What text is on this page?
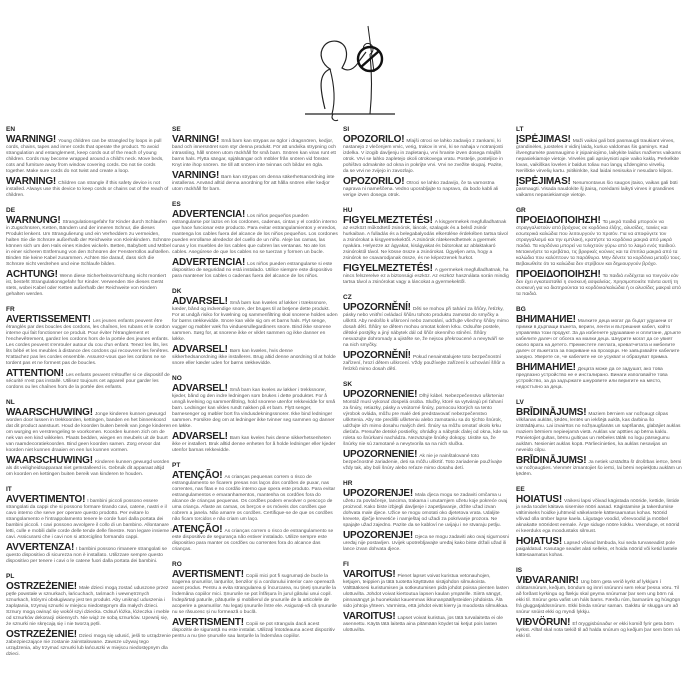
EN
WARNING! Young children can be strangled by loops in pull cords, chains, tapes and inner cords that operate the product. To avoid strangulation and entanglement, keep cords out of the reach of young children. Cords may become wrapped around a child's neck. Move beds, cots and furniture away from window covering cords. Do not tie cords together. Make sure cords do not twist and create a loop.
WARNING! Children can strangle if this safety device is not installed. Always use this device to keep cords or chains out of the reach of children.
DE
WARNUNG! Strangulationsgefahr für Kinder durch Schlaufen in Zugschnüren, Ketten, Bändern und der inneren Schnur, die dieses Produkt lenkent. Um Strangulierung und ein Verheddern zu vermeiden, halten Sie die Schnüre außerhalb der Reichweite von Kleinkindern. Schnüre können sich um den Hals eines Kindes wickeln. Betten, Babybett und Möbel in einer sicheren Entfernung von den Schnüren der Fensterrollos aufstellen. Binden Sie keine Kabel zusammen. Achten Sie darauf, dass sich die Schnüre nicht verdrehen und eine Schlaufe bilden.
ACHTUNG! Wenn diese Sicherheitsvorrichtung nicht montiert ist, besteht Strangulationsgefahr für Kinder. Verwenden Sie dieses Gerät stets, wobei Kabel oder Ketten außerhalb der Reichweite von Kindern gehalten werden.
FR
AVERTISSEMENT! Les jeunes enfants peuvent être étranglés par des boucles des cordons, les chaînes, les rubans et le cordon interne qui fait fonctionner ce produit. Pour éviter l'étranglement et l'enchevêtrement, gardez les cordons hors de la portée des jeunes enfants. Les cordes peuvent s'enrouler autour du cou d'un enfant. Tenez les lits, les lits bébé et les meubles à distance des cordons qui recouvrent les fenêtres. N'attachez pas les cordes ensemble. Assurez-vous que les cordons ne se tordent pas et ne forment pas de boucles.
ATTENTION! Les enfants peuvent s'étouffer si ce dispositif de sécurité n'est pas installé. Utilisez toujours cet appareil pour garder les cordons ou les chaînes hors de la portée des enfants.
NL
WAARSCHUWING! Jonge kinderen kunnen gewurgd worden door lussen in trekkoorden, kettingen, banden en het binnenkoord dat dit product aanstuurt. Houd de koorden buiten bereik van jonge kinderen om wurging en verstrengeling te voorkomen. Koorden kunnen zich om de nek van een kind wikkelen. Plaats bedden, wiegen en meubels uit de buurt van raamdecoratiekoorden. Bind geen koorden samen. Zorg ervoor dat koorden niet kunnen draaien en een lus kunnen vormen.
WAARSCHUWING! Kinderen kunnen gewurgd worden als dit veiligheidsapparaat niet geïnstalleerd is. Gebruik dit apparaat altijd om koorden en kettingen buiten bereik van kinderen te houden.
IT
AVVERTIMENTO! I bambini piccoli possono essere strangolati da cappi che si possono formare tirando cavi, catene, nastri e il cavo interno che serve per operare questo prodotto. Per evitare lo strangolamento e l'intrappolamento tenere le corde fuori dalla portata dei bambini piccoli. I cavi possono avvolgere il collo di un bambino. Allontanare letti, culle e mobili dalle corde delle tende delle finestre. Non legare insieme i cavi. Assicurarsi che i cavi non si attorciglino formando cappi.
AVVERTENZA! I bambini possono rimanere strangolati se questo dispositivo di sicurezza non è installato. Utilizzare sempre questo dispositivo per tenere i cavi o le catene fuori dalla portata dei bambini.
PL
OSTRZEŻENIE! Małe dzieci mogą zostać uduszone przez pętle powstałe w sznurkach, łańcuchach, taśmach i wewnętrznych sznurkach, którymi obsługiwany jest ten produkt. Aby uniknąć uduszenia i zaplątania, trzymaj sznurki w miejscu niedostępnym dla małych dzieci. Sznury mogą owinąć się wokół szyi dziecka. Odsuń łóżka, łóżeczka i meble od sznurków dekoracji okiennych. Nie wiąż ze sobą sznurków. Upewnij się, że sznurki nie skręcają się i nie tworzą pętli.
OSTRZEŻENIE! Dzieci mogą się udusić, jeśli to urządzenie zabezpieczające nie zostanie zainstalowane. Zawsze używaj tego urządzenia, aby trzymać sznurki lub łańcuszki w miejscu niedostępnym dla dzieci.
SE
VARNING! Små barn kan strypas av öglor i dragsnören, kedjor, band och innersnöret som styr denna produkt. För att undvika strypning och intrassling, håll snören utom räckhåll för små barn. Snören kan viras runt ett barns hals. Flytta sängar, spjälsängar och möbler från snören vid fönster. Knyt inte ihop snören. Se till att snören inte tvinnas och bildar en ögla.
VARNING! Barn kan strypas om denna säkerhetsanordning inte installeras. Använd alltid denna anordning för att hålla snören eller kedjor utom räckhåll för barn.
ES
ADVERTENCIA! Los niños pequeños pueden estrangularse por lazos en los cordones, cadenas, cintas y el cordón interno que hace funcionar este producto. Para evitar estrangulamientos y enredos, mantenga los cables fuera del alcance de los niños pequeños. Los cordones pueden enrollarse alrededor del cuello de un niño. Aleje las camas, las cunas y los muebles de los cables que cubren las ventanas. No ate los cables. Asegúrese de que los cables no se tuerzan y formen un bucle.
ADVERTENCIA! Los niños pueden estrangularse si este dispositivo de seguridad no está instalado. Utilice siempre este dispositivo para mantener los cables o cadenas fuera del alcance de los niños.
DK
ADVARSEL! Små børn kan kvæles af løkker i trækssnore, kæder, bånd og indvendige snore, der bruges til at betjene dette produkt. For at undgå risiko for kvælning og sammenfiltring skal snorene holdes uden for børns rækkevidde. Snore kan vikle sig om et barns hals. Flyt senge, vugger og møbler væk fra vinduesrullegardiners snore. Bind ikke snorene sammen. Sørg for, at snorene ikke er viklet sammen og ikke danner en løkke.
ADVARSEL! Børn kan kvæles, hvis denne sikkerhedsanordning ikke installeres. Brug altid denne anordning til at holde snore eller kæder uden for børns rækkevidde.
NO
ADVARSEL! Små barn kan kveles av løkker i trekksnorer, kjeder, bånd og den indre ledningen som brukes i dette produktet. For å unngå kvelning og sammenfiltring, hold snorene utenfor rekkevidde for små barn. Ledninger kan vikles rundt nakken på et barn. Flytt senger, barnesenger og møbler bort fra vindusdekningssnorer. Ikke bind ledninger sammen. Forsikre deg om at ledninger ikke tvinner seg sammen og danner en løkke.
ADVARSEL! Barn kan kveles hvis denne sikkerhetsenheten ikke er installert. Bruk alltid denne enheten for å holde ledninger eller kjeder utenfor barnas rekkevidde.
PT
ATENÇÃO! As crianças pequenas correm o risco de estrangulamento se ficarem presas nos laços dos cordões de puxar, nas correntes, nas fitas e no cordão interno que opera este produto. Para evitar estrangulamentos e emaranhamentos, mantenha os cordões fora do alcance de crianças pequenas. Os cordões podem envolver o pescoço de uma criança. Afaste as camas, os berços e os móveis dos cordões que cobrem a janela. Não amarre os cordões. Certifique-se de que os cordões não ficam torcidos e não criam um laço.
ATENÇÃO! As crianças correm o risco de estrangulamento se este dispositivo de segurança não estiver instalado. Utilize sempre este dispositivo para manter os cordões ou correntes fora do alcance das crianças.
RO
AVERTISMENT! Copiii mici pot fi sugrumați de bucle la tragerea șnururilor, lanțurilor, benzilor și a cordonului interior care operează acest produs. Pentru a evita strangularea și încurcarea, nu țineți șnururile la îndemâna copiilor mici. Șnururile se pot înfășura în jurul gâtului unui copil. Îndepărtați paturile, pătuțurile și mobilierul de șnururile de la articolele de acoperire a geamurilor. Nu legați șnururile între ele. Asigurați-vă că șnururile nu se răsucesc și nu formează o buclă.
AVERTISMENT! Copiii se pot strangula dacă acest dispozitiv de siguranță nu este instalat. Utilizați întotdeauna acest dispozitiv pentru a nu ține șnururile sau lanțurile la îndemâna copiilor.
SI
OPOZORILO! Mlajši otroci se lahko zadavijo z zankami, ki nastanejo z vlečenjem vrvic, verig, trakov in vrvi, ki se nahaja v notranjosti izdelka. V izogib davljenju in zapletanju, vrvi hranite izven dosega mlajših otrok. Vrvi se lahko zapletejo okoli otrokovega vratu. Postelje, posteljice in pohištvo odmaknite od okna in pokrijte vrvi. Vrvi ne zvežite skupaj. Pazite, da se vrvi ne zvijejo in zavozlajo.
OPOZORILO! Otroci se lahko zadavijo, če ta varnostna naprava ni nameščena. Vedno uporabljajte to napravo, da bodo kabli ali verige izven dosega otrok.
HU
FIGYELMEZTETÉS! A kisgyermekek megfulladhatnak az eszközt működtető zsinórok, láncok, szalagok és a belső zsinór hurkaiban. A fulladás és a belegabalyodás elkerülése érdekében tartsa távol a zsinórokat a kisgyermekektől. A zsinórok rátekeredhetnek a gyermek nyakára. Helyezze az ágyakat, kiságyakat és bútorokat az ablaktakaró zsinóroktól távol. Ne kösse össze a zsinórokat. Ügyeljen arra, hogy a zsinórok ne csavarodjanak össze, és ne képezzenek hurkot.
FIGYELMEZTETÉS! A gyermekek megfulladhatnak, ha nincs felszerelve ez a biztonsági eszköz. Az eszköz használata során mindig tartsa távol a zsinórokat vagy a láncokat a gyermekektől.
CZ
UPOZORNĚNÍ! Děti se mohou při tahání za šňůry, řetízky, pásky nebo vnitřní ovládací šňůru tohoto produktu zamotat do smyčky a uškrtit. Aby nedošlo k uškrcení nebo zamotání, udržujte všechny šňůry mimo dosah dětí. Šňůry se dětem mohou omotat kolem krku. Odsuňte postele, dětské postýlky a jiný nábytek dál od šňůr okenního stínění. Šňůry nesvazujte dohromady a ujistěte se, že nejsou překroucené a nevytváří se na nich smyčky.
UPOZORNĚNÍ! Pokud nenainstalujete toto bezpečnostní zařízení, hrozí dětem uškrcení. Vždy používejte zařízení k uchování šňůr a řetízků mimo dosah dětí.
SK
UPOZORNENIE! Dlhý kábel. Nebezpečenstvo uškrtenia! Montáž musí vykonať dospelá osoba. Slučky, ktoré sa vytvárajú pri ťahaní za šnúry, retiazky, pásky a vnútorné šnúry, pomocou ktorých sa tento výrobok ovláda, môžu pre malé deti predstavovať nebezpečenstvo uškrtenia. Aby ste predišli uškrteniu alebo zamotaniu sa do týchto šnúrok, udržujte ich mimo dosahu malých detí. Šnúry sa môžu omotať okolo krku dieťaťa. Presuňte detské postieľky, ohrádky a nábytok ďalej od okna, kde sa roleta so šnúrkami nachádza. Nezväzujte šnúrky dokopy. Uistite sa, že šnúrky nie sú zamotané a nevytvorila sa na nich slučka.
UPOZORNENIE! Ak nie je nainštalované toto bezpečnostné zariadenie, deti sa môžu uškrtiť. Toto zariadenie používajte vždy tak, aby boli šnúry alebo reťaze mimo dosahu detí.
HR
UPOZORENJE! Mala djeca mogu se zadaviti omčama u užetu za povlačenje, lancima, trakama i unutarnjem užetu koje pokreće ovaj proizvod. Kako biste izbjegli davljenje i zapetljavanje, držite užad izvan dohvata male djece. Užice se mogu omotati oko djetetova vrata. Udaljite krevete, dječje krevetiće i namještaj od užadi za pokrivanje prozora. Ne spajajte užad zajedno. Pazite da se kabloví ne uvijaju i ne stvaraju petlju.
UPOZORENJE! Djeca se mogu zadaviti ako ovaj sigurnosni uređaj nije postavljen. Uvijek upotrebljavajte uređaj kako biste držali užad ili lance izvan dohvata djece.
FI
VAROITUS! Pienet lapset voivat kuristua vetonauhojen, ketjujen, teippien ja tätä tuotetta käyttävän sisäjohdon silmukoista. Välttääksesi kuristumisen ja sotkeutumisen pidä johdot poissa pienten lasten ulottuvilta. Johdot voivat kiertoutua lapsen kaulan ympärille. Siirrä sängyt, pinnasängyt ja huonekalut kauemmas ikkunanpäällysteiden johdoista. Älä sido johtoja yhteen. Varmista, että johdot eivät kierry ja muodosta silmukkaa.
VAROITUS! Lapset voivat kuristua, jos tätä turvalaitetta ei ole asennettu. Käytä tätä laitetta aina pitämään köydet tai ketjut pois lasten ulottuvilta.
LT
ĮSPĖJIMAS! Maži vaikai gali būti pasmaugti traukiant virves, grandinėles, juosteles ir vidinį laidą, kuriuo valdomas šis gaminys. Kad išvengtumėte pasmaugimo ir įsipainiojimo, laikykite laidus mažiems vaikams nepasiekiamoje vietoje. Virvelės gali apsivynioti apie vaiko kaklą. Perkelkite lovas, vaikiškas loveles ir baldus toliau nuo langų uždengimo virvelių. Nerišktie virvelių kartu. Įsitikinkite, kad laidai nesisuka ir nesudaro kilpos.
ĮSPĖJIMAS! Nesumontavus šio saugos įtaiso, vaikas gali būti pasmaugti. Visada naudokite šį įtaisą, norėdami laikyti virves ir grandines vaikams nepasiekiamoje vietoje.
GR
ΠΡΟΕΙΔΟΠΟΙΗΣΗ! Τα μικρά παιδιά μπορούν να στραγγαλιστούν από βρόχους σε κορδόνια έλξης, αλυσίδες, ταινίες και εσωτερικά καλώδια που λειτουργούν το προϊόν. Για να αποφύγετε τον στραγγαλισμό και την εμπλοκή, κρατήστε τα κορδόνια μακριά από μικρά παιδιά. Τα κορδόνια μπορεί να τυλιχτούν γύρω από το λαιμό ενός παιδιού. Μετακινήστε τα κρεβάτια, τις βρεφικές κούνιες και τα έπιπλα μακριά από τα καλώδια που καλύπτουν τα παράθυρα. Μην δένετε τα κορδόνια μεταξύ τους. Βεβαιωθείτε ότι τα καλώδια δεν στρίβουν και δημιουργούν βρόχο.
ΠΡΟΕΙΔΟΠΟΙΗΣΗ! Τα παιδιά ενδέχεται να πνιγούν εάν δεν έχει εγκατασταθεί η συσκευή ασφαλείας. Χρησιμοποιείτε πάντα αυτή τη συσκευή για να διατηρούνται τα κορδόνια/καλώδια ή οι αλυσίδες μακριά από τα παιδιά.
BG
ВНИМАНИЕ! Малките деца могат да бъдат удушени от примки в дърпащи въжета, вериги, ленти и вътрешния кабел, който управлява този продукт. За да избегнете удушаване и оплитане, дръжте кабелите далеч от обсега на малки деца. Шнурите могат да се увият около врата на детето. Преместете леглата, креватчетата и мебелите далеч от въжетата за покриване на прозорци. Не завързвайте кабелите заедно. Уверете се, че кабелите не се усукват и образуват примка.
ВНИМАНИЕ! Децата може да се задушат, ако това предпазно устройство не е инсталирано. Винаги използвайте това устройство, за да задържате шнуровете или веригите на място, недостъпно за деца.
LV
BRĪDINĀJUMS! Maziem bērniem var nožņaugt cilpas vilkšanas auklās, ķēdēs, lentēs un iekšējā auklā, kas darbina šo izstrādājumu. Lai izvairītos no nožņaugšanās un sapīšanās, glabājiet auklas maziem bērniem nepieejamā vietā. Auklas var aptīties ap bērna kaklu. Pārvietojiet gultas, bērnu gultiņas un mēbeles tālāk no logu pārsegumu auklām. Nesieniet auklas kopā. Pārliecinieties, ka auklas nesavijas un neveido cilpu.
BRĪDINĀJUMS! Ja netiek uzstādīta šī drošības ierīce, bērni var nožņaugties. Vienmēr izmantojiet šo ierīci, lai bērni nepiekļūtu auklām un ķēdēm.
EE
HOIATUS! Väikesi lapsi võivad kägistada nööride, kettide, lintide ja seda toodet käitava sisemise nööri aasad. Kägistamise ja takerdumise vältimiseks hoidke juhtmeid väikelastele kättesaamatus kohas. Nöörid võivad olla ümber lapse kaela. Liigutage voodid, võrevoodid ja mööbel aknakatte nööridest eemale. Ärge siduge nööre kokku. Veenduge, et nöörid ei keerduks ega moodustaks silmust.
HOIATUS! Lapsed võivad lämbuda, kui seda turvaseadist pole paigaldatud. Kasutage seadet alati selleks, et hoida nöörid või ketid lastele kättesaamatus kohas.
IS
VIÐVARANIR! Ung börn geta verið kyrkt af lykkjum í dráttarsnúrum, keðjum, böndum og innri snúrunni sem rekur þessa vöru. Til að forðast kyrkingu og flækju skal geyma snúrurnar þar sem ung börn ná ekki til. Snúrur geta vafist um háls barns. Færðu rúm, barnarúm og húsgögn frá gluggatjaldssnúrum. Ekki binda snúrur saman. Gakktu úr skugga um að snúrur snúist ekki og myndi lykkju.
VIÐVÖRUN! Ef öryggisbúnaður er ekki komið fyrir geta börn kyrkst. Alltaf skal nota tækið til að halda snúrum og keðjum þar sem börn ná ekki til.
